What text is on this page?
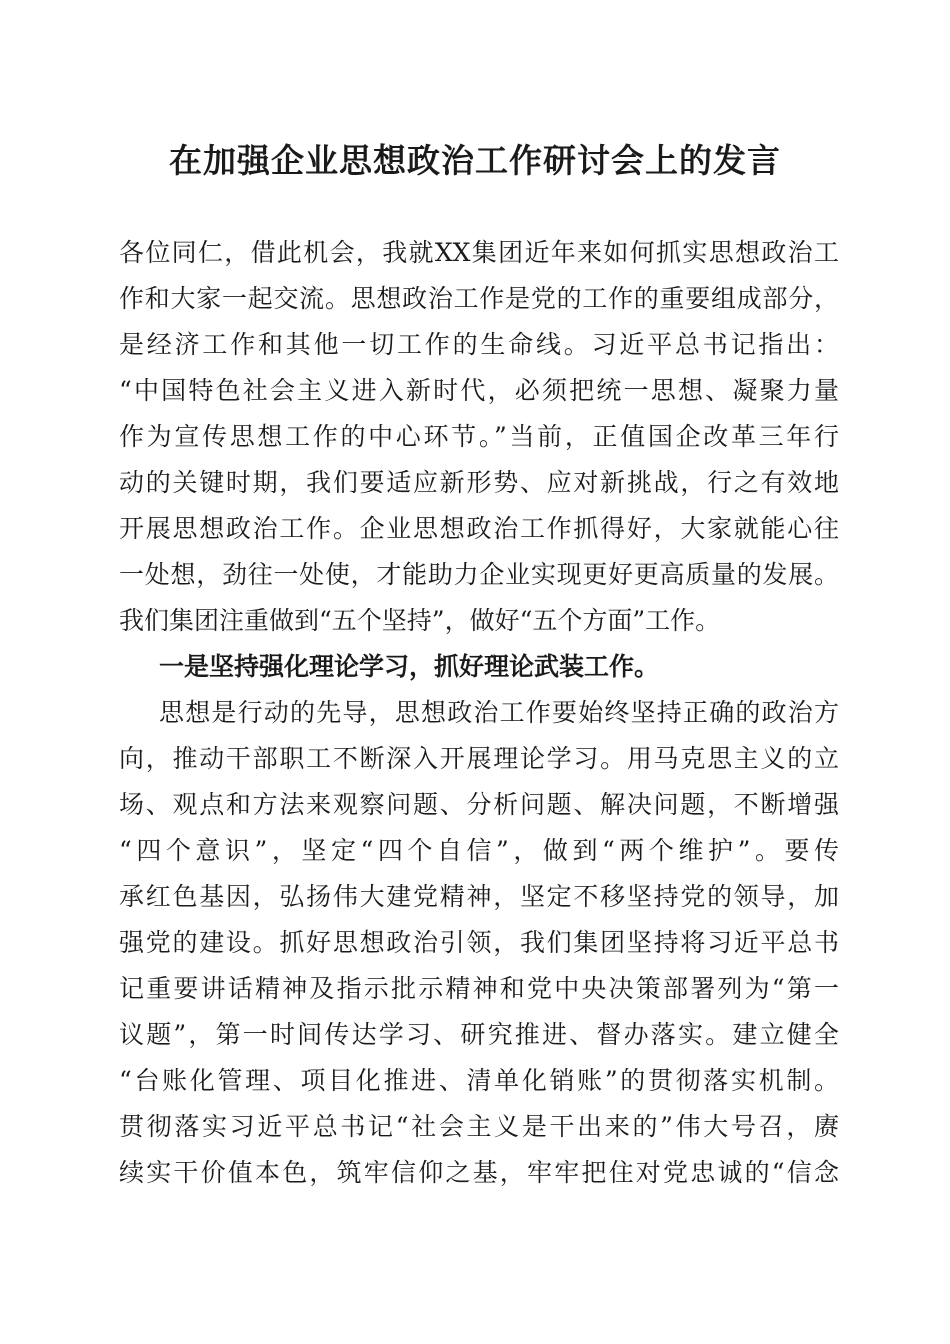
在加强企业思想政治工作研讨会上的发言
各位同仁，借此机会，我就XX集团近年来如何抓实思想政治工
作和大家一起交流。思想政治工作是党的工作的重要组成部分，
是经济工作和其他一切工作的生命线。习近平总书记指出：
“中国特色社会主义进入新时代，必须把统一思想、凝聚力量
作为宣传思想工作的中心环节。”当前，正值国企改革三年行
动的关键时期，我们要适应新形势、应对新挑战，行之有效地
开展思想政治工作。企业思想政治工作抓得好，大家就能心往
一处想，劲往一处使，才能助力企业实现更好更高质量的发展。
我们集团注重做到“五个坚持”，做好“五个方面”工作。
一是坚持强化理论学习，抓好理论武装工作。
思想是行动的先导，思想政治工作要始终坚持正确的政治方
向，推动干部职工不断深入开展理论学习。用马克思主义的立
场、观点和方法来观察问题、分析问题、解决问题，不断增强
“四个意识”，坚定“四个自信”，做到“两个维护”。要传
承红色基因，弘扬伟大建党精神，坚定不移坚持党的领导，加
强党的建设。抓好思想政治引领，我们集团坚持将习近平总书
记重要讲话精神及指示批示精神和党中央决策部署列为“第一
议题”，第一时间传达学习、研究推进、督办落实。建立健全
“台账化管理、项目化推进、清单化销账”的贯彻落实机制。
贯彻落实习近平总书记“社会主义是干出来的”伟大号召，赓
续实干价值本色，筑牢信仰之基，牢牢把住对党忠诚的“信念
